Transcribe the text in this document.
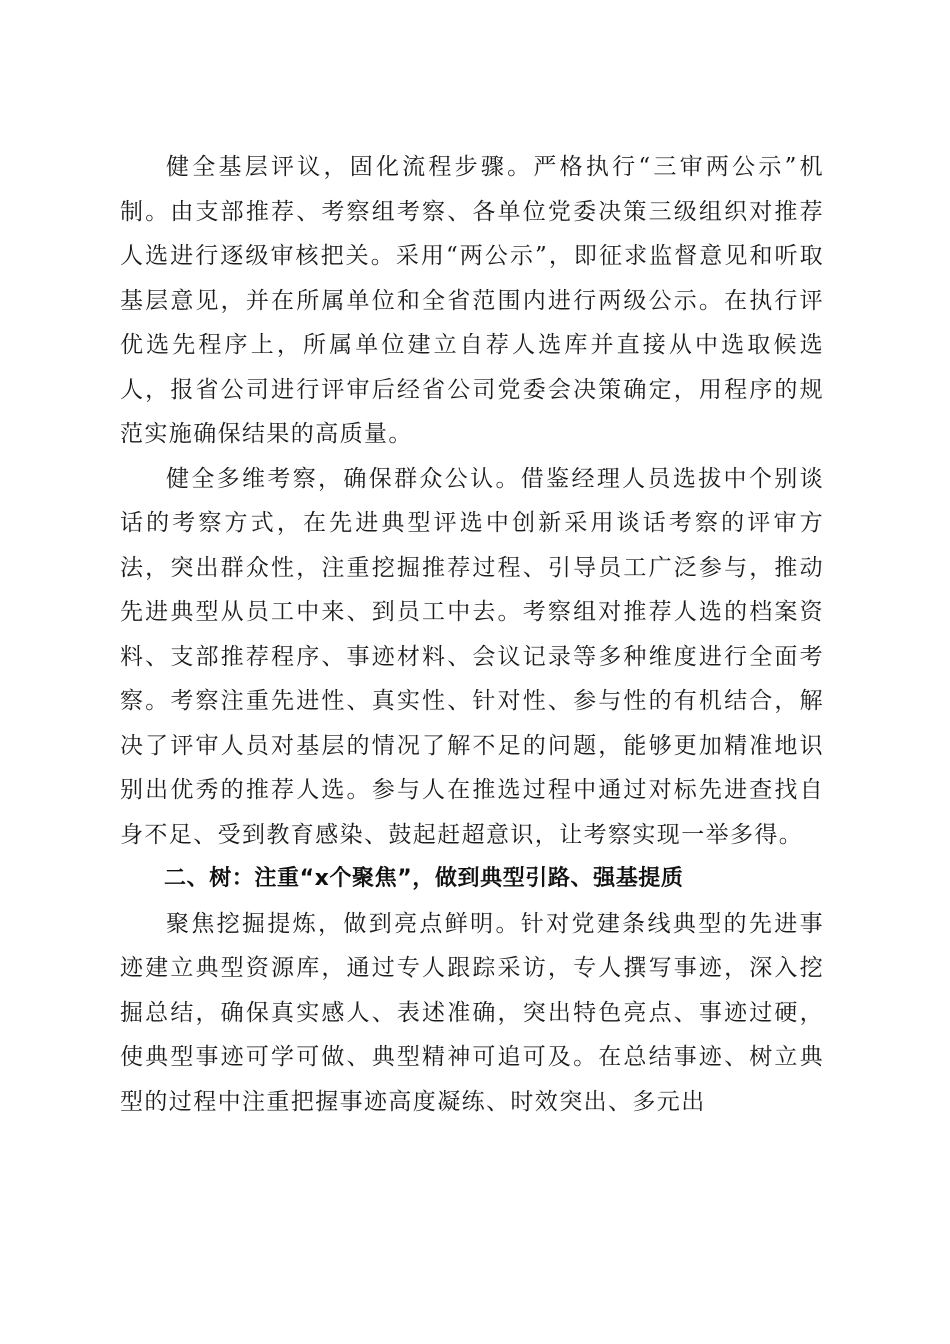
健全基层评议，固化流程步骤。严格执行“三审两公示”机制。由支部推荐、考察组考察、各单位党委决策三级组织对推荐人选进行逐级审核把关。采用“两公示”，即征求监督意见和听取基层意见，并在所属单位和全省范围内进行两级公示。在执行评优选先程序上，所属单位建立自荐人选库并直接从中选取候选人，报省公司进行评审后经省公司党委会决策确定，用程序的规范实施确保结果的高质量。

健全多维考察，确保群众公认。借鉴经理人员选拔中个别谈话的考察方式，在先进典型评选中创新采用谈话考察的评审方法，突出群众性，注重挖掘推荐过程、引导员工广泛参与，推动先进典型从员工中来、到员工中去。考察组对推荐人选的档案资料、支部推荐程序、事迹材料、会议记录等多种维度进行全面考察。考察注重先进性、真实性、针对性、参与性的有机结合，解决了评审人员对基层的情况了解不足的问题，能够更加精准地识别出优秀的推荐人选。参与人在推选过程中通过对标先进查找自身不足、受到教育感染、鼓起赶超意识，让考察实现一举多得。

二、树：注重“x个聚焦”，做到典型引路、强基提质

聚焦挖掘提炼，做到亮点鲜明。针对党建条线典型的先进事迹建立典型资源库，通过专人跟踪采访，专人撰写事迹，深入挖掘总结，确保真实感人、表述准确，突出特色亮点、事迹过硬，使典型事迹可学可做、典型精神可追可及。在总结事迹、树立典型的过程中注重把握事迹高度凝练、时效突出、多元出
